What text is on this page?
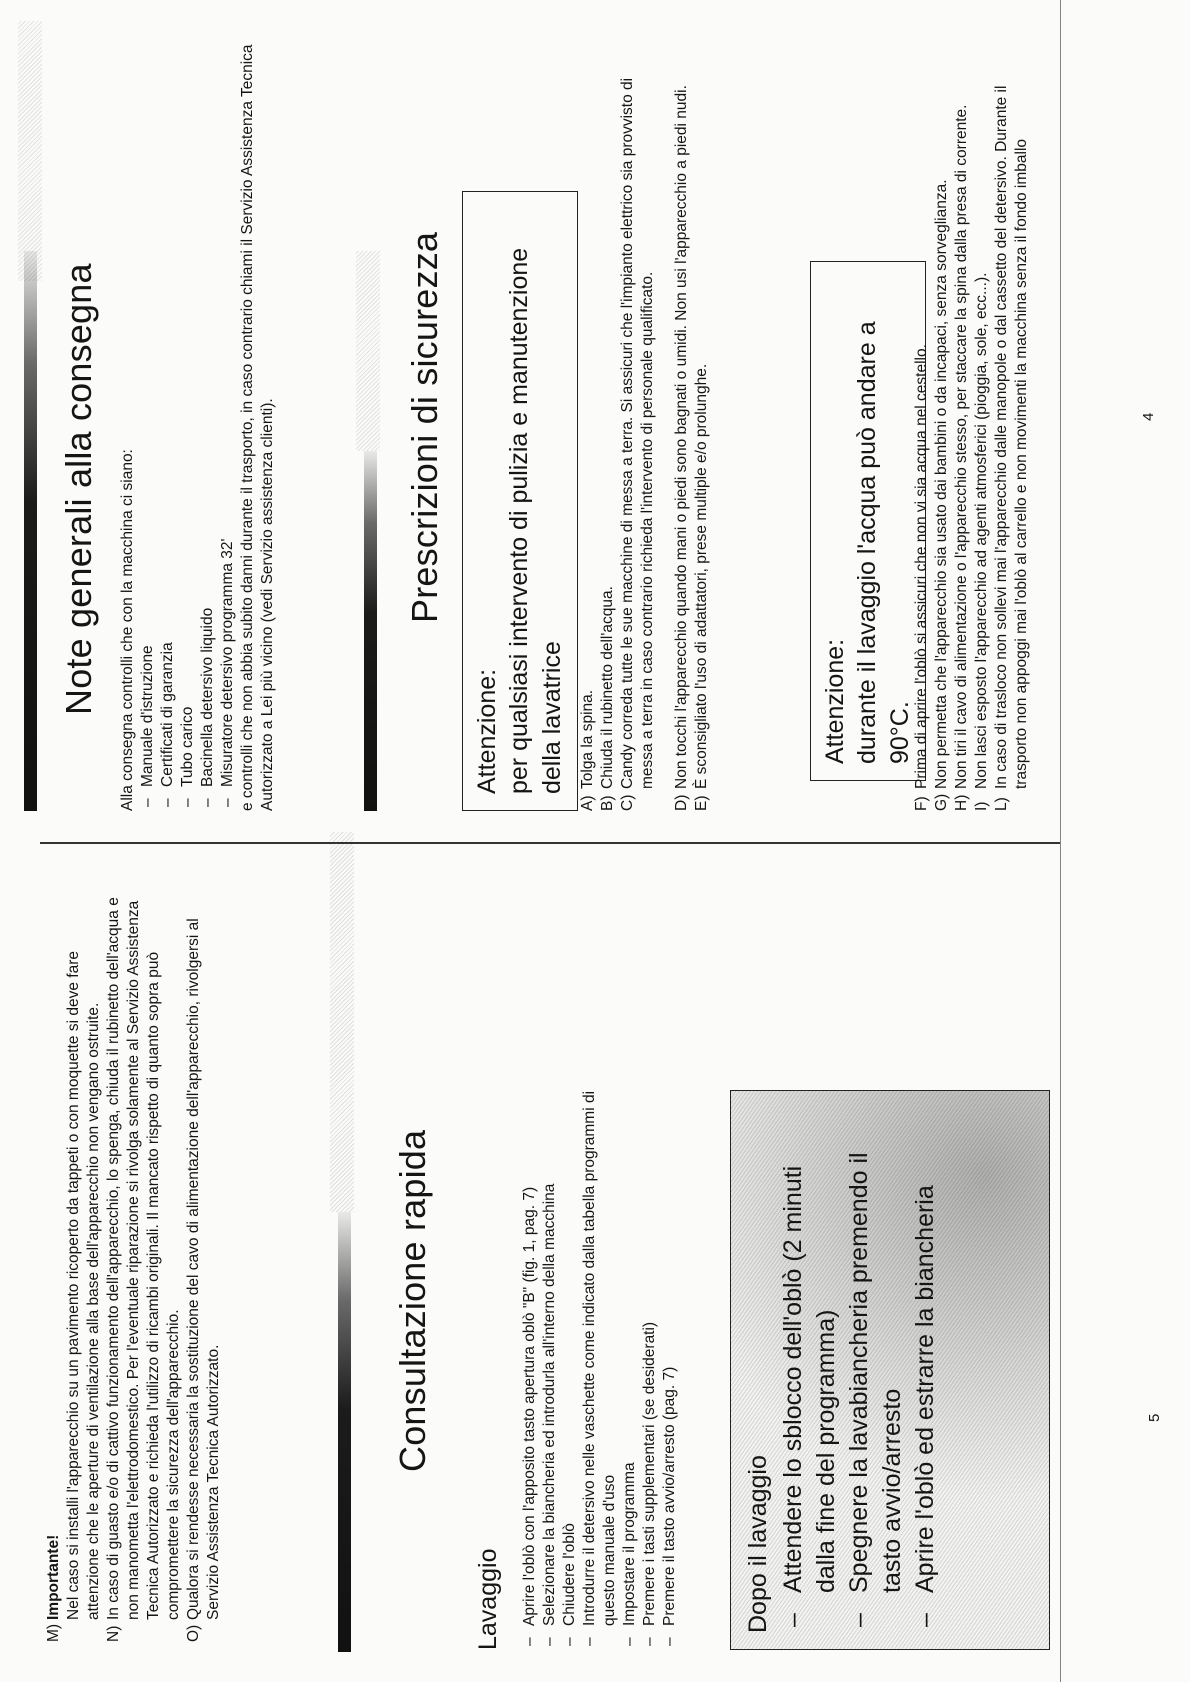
M)

Importante! Nel caso si installi l'apparecchio su un pavimento ricoperto da tappeti o con moquette si deve fare attenzione che le aperture di ventilazione alla base dell'apparecchio non vengano ostruite.

N)

In caso di guasto e/o di cattivo funzionamento dell'apparecchio, lo spenga, chiuda il rubinetto dell'acqua e non manometta l'elettrodomestico. Per l'eventuale riparazione si rivolga solamente al Servizio Assistenza Tecnica Autorizzato e richieda l'utilizzo di ricambi originali. Il mancato rispetto di quanto sopra può compromettere la sicurezza dell'apparecchio.

O)

Qualora si rendesse necessaria la sostituzione del cavo di alimentazione dell'apparecchio, rivolgersi al Servizio Assistenza Tecnica Autorizzato.

Consultazione rapida
Lavaggio – Aprire l'oblò con l'apposito tasto apertura oblò "B" (fig. 1, pag. 7) – Selezionare la biancheria ed introdurla all'interno della macchina – Chiudere l'oblò – Introdurre il detersivo nelle vaschette come indicato dalla tabella programmi di questo manuale d'uso – Impostare il programma – Premere i tasti supplementari (se desiderati) – Premere il tasto avvio/arresto (pag. 7)	Dopo il lavaggio – Attendere lo sblocco dell'oblò (2 minuti dalla fine del programma) – Spegnere la lavabiancheria premendo il tasto avvio/arresto – Aprire l'oblò ed estrarre la biancheria	5
Note generali alla consegna Alla consegna controlli che con la macchina ci siano: – Manuale d'istruzione – Certificati di garanzia – Tubo carico – Bacinella detersivo liquido – Misuratore detersivo programma 32' e controlli che non abbia subito danni durante il trasporto, in caso contrario chiami il Servizio Assistenza Tecnica Autorizzato a Lei più vicino (vedi Servizio assistenza clienti).	Prescrizioni di sicurezza
Attenzione: per qualsiasi intervento di pulizia e manutenzione della lavatrice
A)
Tolga la spina.
B)
Chiuda il rubinetto dell'acqua.
C)
Candy corredа tutte le sue macchine di messa a terra. Si assicuri che l'impianto elettrico sia provvisto di messa a terra in caso contrario richieda l'intervento di personale qualificato.
D)
Non tocchi l'apparecchio quando mani o piedi sono bagnati o umidi. Non usi l'apparecchio a piedi nudi.
E)
È sconsigliato l'uso di adattatori, prese multiple e/o prolunghe.	Attenzione: durante il lavaggio l'acqua può andare a 90°C.
F)
Prima di aprire l'oblò si assicuri che non vi sia acqua nel cestello.
G)
Non permetta che l'apparecchio sia usato dai bambini o da incapaci, senza sorveglianza.
H)
Non tiri il cavo di alimentazione o l'apparecchio stesso, per staccare la spina dalla presa di corrente.
I)
Non lasci esposto l'apparecchio ad agenti atmosferici (pioggia, sole, ecc...).
L)
In caso di trasloco non sollevi mai l'apparecchio dalle manopole o dal cassetto del detersivo. Durante il trasporto non appoggi mai l'oblò al carrello e non movimenti la macchina senza il fondo imballo	4
